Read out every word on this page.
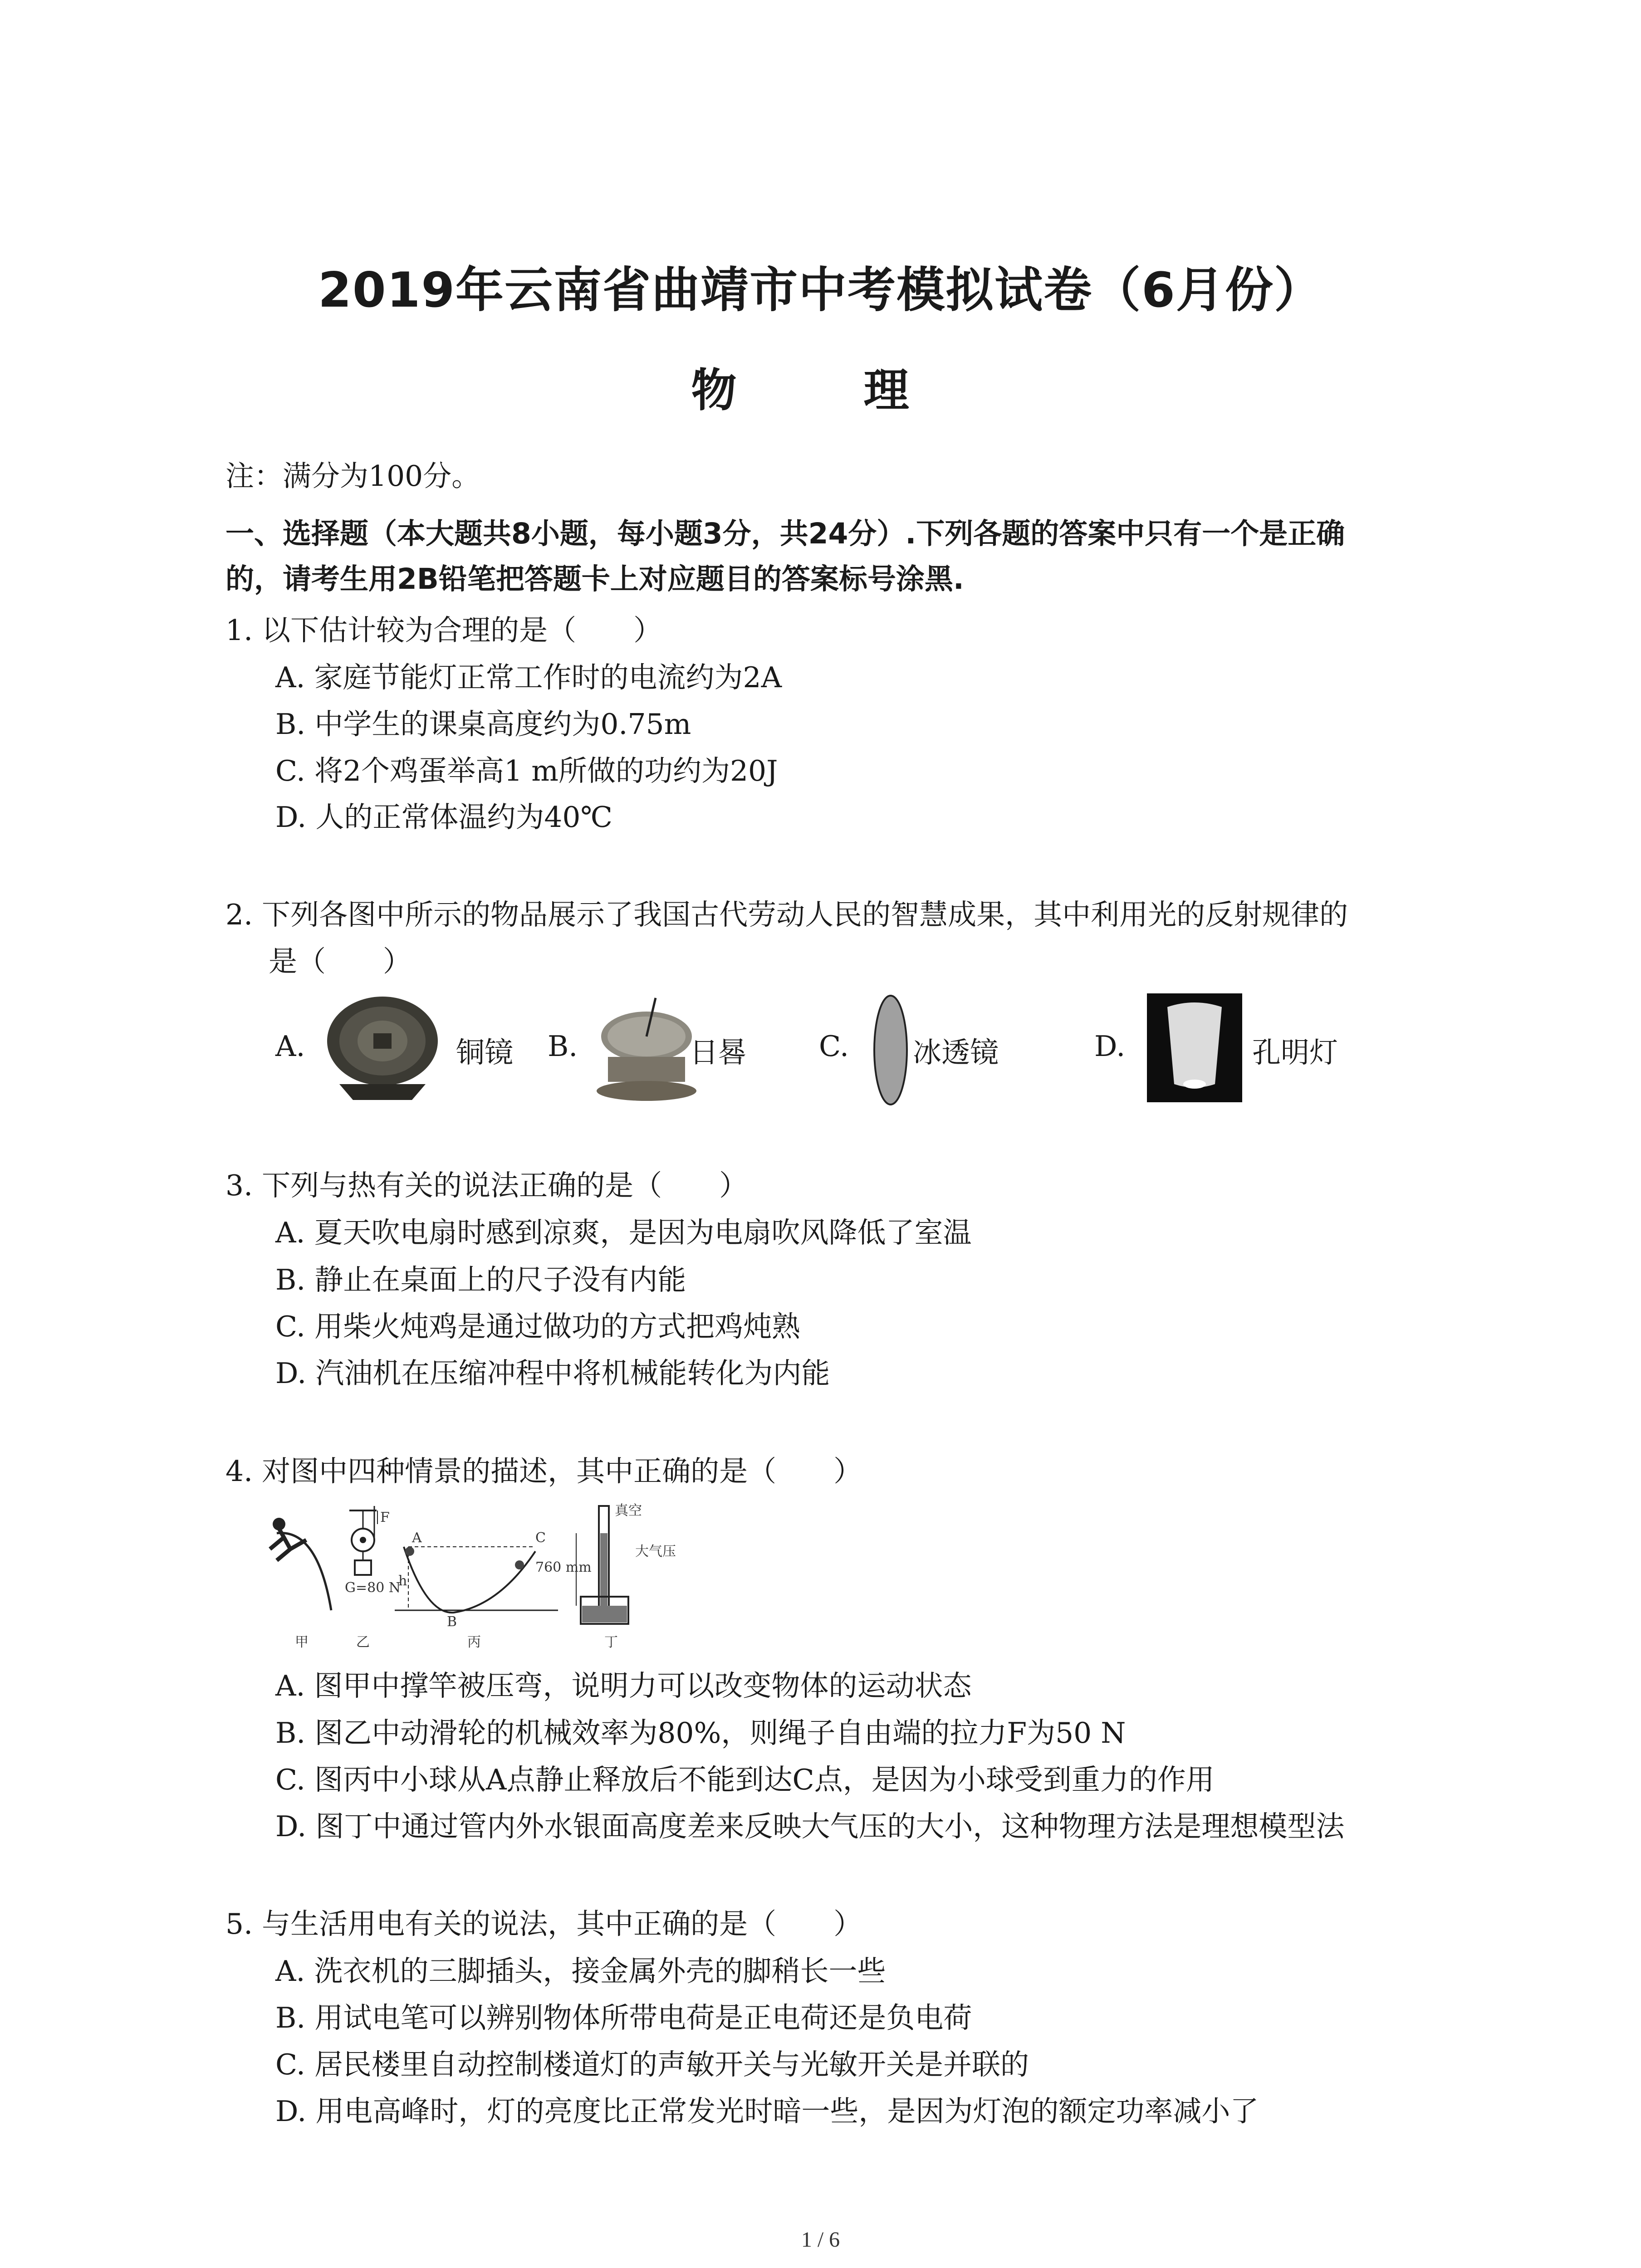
2019年云南省曲靖市中考模拟试卷（6月份）
物　理
注：满分为100分。
一、选择题（本大题共8小题，每小题3分，共24分）.下列各题的答案中只有一个是正确
的，请考生用2B铅笔把答题卡上对应题目的答案标号涂黑.
1. 以下估计较为合理的是（　　）
A. 家庭节能灯正常工作时的电流约为2A
B. 中学生的课桌高度约为0.75m
C. 将2个鸡蛋举高1 m所做的功约为20J
D. 人的正常体温约为40℃
2. 下列各图中所示的物品展示了我国古代劳动人民的智慧成果，其中利用光的反射规律的
是（　　）
A.	铜镜 B.	日晷	C. 冰透镜	D.	孔明灯
3. 下列与热有关的说法正确的是（　　）
A. 夏天吹电扇时感到凉爽，是因为电扇吹风降低了室温
B. 静止在桌面上的尺子没有内能
C. 用柴火炖鸡是通过做功的方式把鸡炖熟
D. 汽油机在压缩冲程中将机械能转化为内能
4. 对图中四种情景的描述，其中正确的是（　　）
甲
F
G=80 N
乙
A
h
B
C
丙
真空
760 mm
大气压
丁
A. 图甲中撑竿被压弯，说明力可以改变物体的运动状态
B. 图乙中动滑轮的机械效率为80%，则绳子自由端的拉力F为50 N
C. 图丙中小球从A点静止释放后不能到达C点，是因为小球受到重力的作用
D. 图丁中通过管内外水银面高度差来反映大气压的大小，这种物理方法是理想模型法
5. 与生活用电有关的说法，其中正确的是（　　）
A. 洗衣机的三脚插头，接金属外壳的脚稍长一些
B. 用试电笔可以辨别物体所带电荷是正电荷还是负电荷
C. 居民楼里自动控制楼道灯的声敏开关与光敏开关是并联的
D. 用电高峰时，灯的亮度比正常发光时暗一些，是因为灯泡的额定功率减小了
1 / 6
